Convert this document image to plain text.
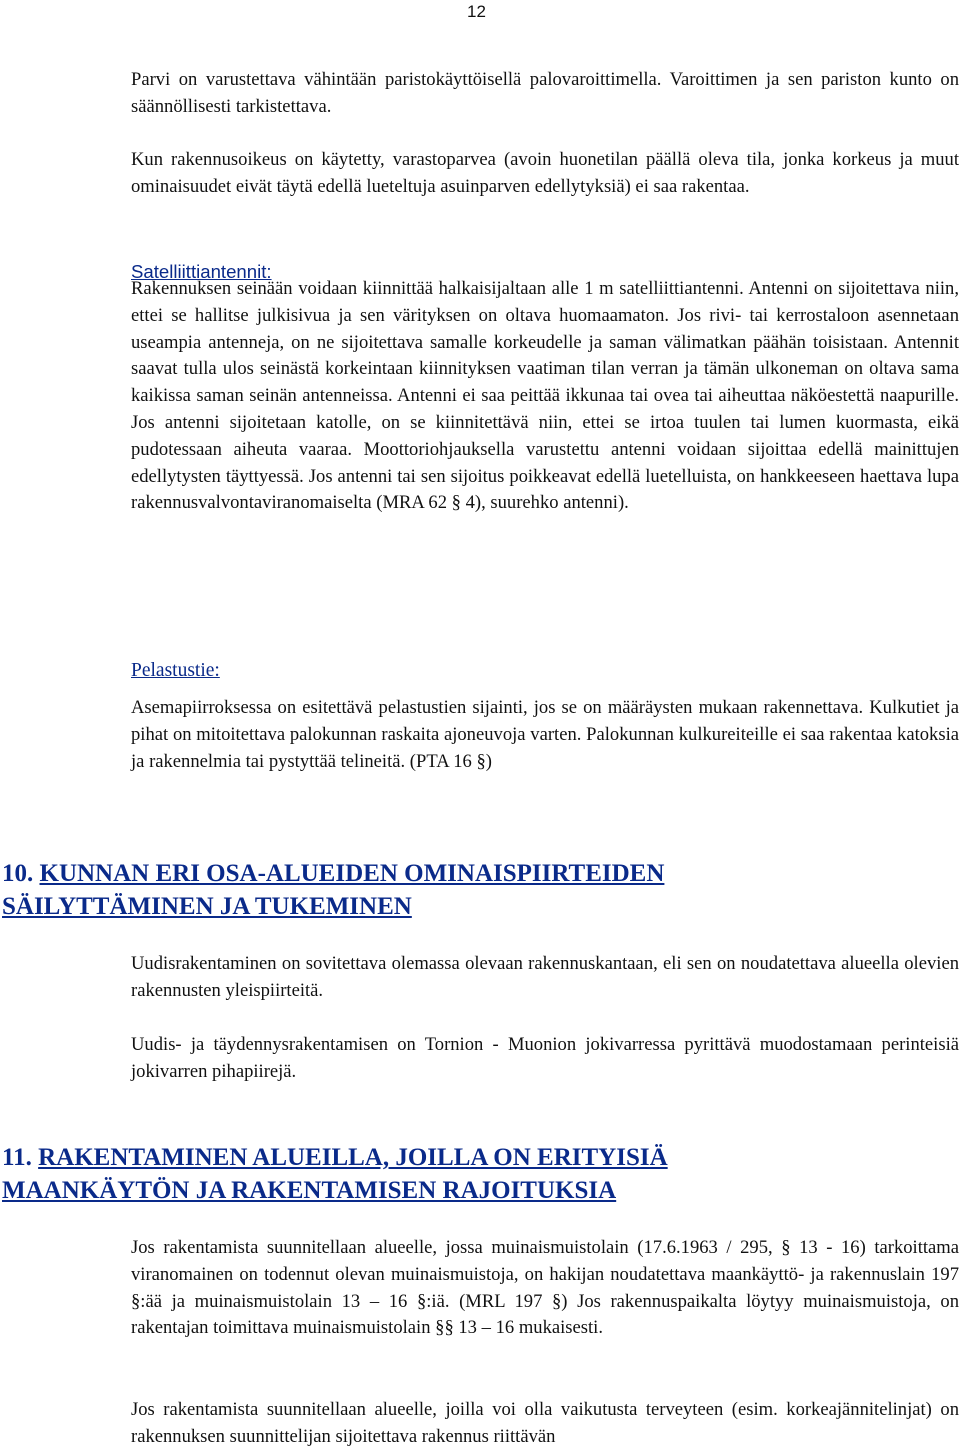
12

Parvi on varustettava vähintään paristokäyttöisellä palovaroittimella. Varoittimen ja sen pariston kunto on säännöllisesti tarkistettava.

Kun rakennusoikeus on käytetty, varastoparvea (avoin huonetilan päällä oleva tila, jonka korkeus ja muut ominaisuudet eivät täytä edellä lueteltuja asuinparven edellytyksiä) ei saa rakentaa.

Satelliittiantennit:

Rakennuksen seinään voidaan kiinnittää halkaisijaltaan alle 1 m satelliittiantenni. Antenni on sijoitettava niin, ettei se hallitse julkisivua ja sen värityksen on oltava huomaamaton. Jos rivi- tai kerrostaloon asennetaan useampia antenneja, on ne sijoitettava samalle korkeudelle ja saman välimatkan päähän toisistaan. Antennit saavat tulla ulos seinästä korkeintaan kiinnityksen vaatiman tilan verran ja tämän ulkoneman on oltava sama kaikissa saman seinän antenneissa. Antenni ei saa peittää ikkunaa tai ovea tai aiheuttaa näköestettä naapurille. Jos antenni sijoitetaan katolle, on se kiinnitettävä niin, ettei se irtoa tuulen tai lumen kuormasta, eikä pudotessaan aiheuta vaaraa. Moottoriohjauksella varustettu antenni voidaan sijoittaa edellä mainittujen edellytysten täyttyessä. Jos antenni tai sen sijoitus poikkeavat edellä luetelluista, on hankkeeseen haettava lupa rakennusvalvontaviranomaiselta (MRA 62 § 4), suurehko antenni).

Pelastustie:

Asemapiirroksessa on esitettävä pelastustien sijainti, jos se on määräysten mukaan rakennettava. Kulkutiet ja pihat on mitoitettava palokunnan raskaita ajoneuvoja varten. Palokunnan kulkureiteille ei saa rakentaa katoksia ja rakennelmia tai pystyttää telineitä. (PTA 16 §)

10. KUNNAN ERI OSA-ALUEIDEN OMINAISPIIRTEIDEN
SÄILYTTÄMINEN JA TUKEMINEN

Uudisrakentaminen on sovitettava olemassa olevaan rakennuskantaan, eli sen on noudatettava alueella olevien rakennusten yleispiirteitä.

Uudis- ja täydennysrakentamisen on Tornion - Muonion jokivarressa pyrittävä muodostamaan perinteisiä jokivarren pihapiirejä.

11. RAKENTAMINEN ALUEILLA, JOILLA ON ERITYISIÄ
MAANKÄYTÖN JA RAKENTAMISEN RAJOITUKSIA

Jos rakentamista suunnitellaan alueelle, jossa muinaismuistolain (17.6.1963 / 295, § 13 - 16) tarkoittama viranomainen on todennut olevan muinaismuistoja, on hakijan noudatettava maankäyttö- ja rakennuslain 197 §:ää ja muinaismuistolain 13 – 16 §:iä. (MRL 197 §) Jos rakennuspaikalta löytyy muinaismuistoja, on rakentajan toimittava muinaismuistolain §§ 13 – 16 mukaisesti.

Jos rakentamista suunnitellaan alueelle, joilla voi olla vaikutusta terveyteen (esim. korkeajännitelinjat) on rakennuksen suunnittelijan sijoitettava rakennus riittävän
